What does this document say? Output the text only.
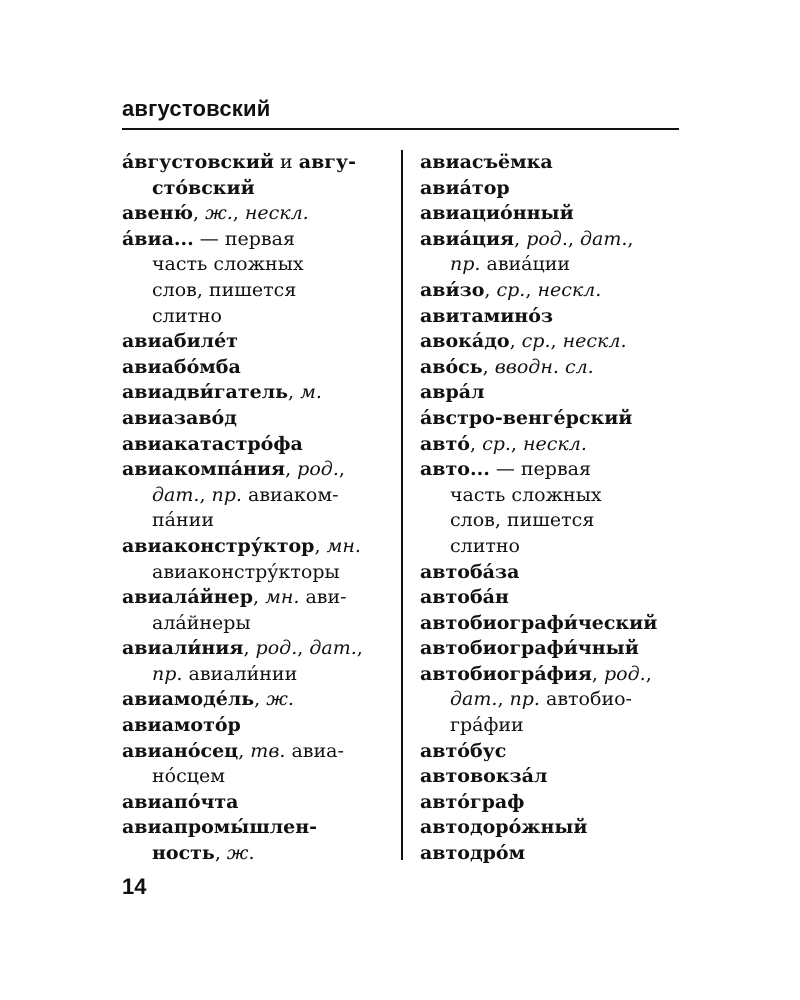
августовский
а́вгустовский и авгу-
сто́вский
авеню́, ж., нескл.
а́виа... — первая
часть сложных
слов, пишется
слитно
авиабиле́т
авиабо́мба
авиадви́гатель, м.
авиазаво́д
авиакатастро́фа
авиакомпа́ния, род.,
дат., пр. авиаком-
па́нии
авиаконстру́ктор, мн.
авиаконстру́кторы
авиала́йнер, мн. ави-
ала́йнеры
авиали́ния, род., дат.,
пр. авиали́нии
авиамоде́ль, ж.
авиамото́р
авиано́сец, тв. авиа-
но́сцем
авиапо́чта
авиапромы́шлен-
ность, ж.
авиасъёмка
авиа́тор
авиацио́нный
авиа́ция, род., дат.,
пр. авиа́ции
ави́зо, ср., нескл.
авитамино́з
авока́до, ср., нескл.
аво́сь, вводн. сл.
авра́л
а́встро-венге́рский
авто́, ср., нескл.
авто... — первая
часть сложных
слов, пишется
слитно
автоба́за
автоба́н
автобиографи́ческий
автобиографи́чный
автобиогра́фия, род.,
дат., пр. автобио-
гра́фии
авто́бус
автовокза́л
авто́граф
автодоро́жный
автодро́м
14
